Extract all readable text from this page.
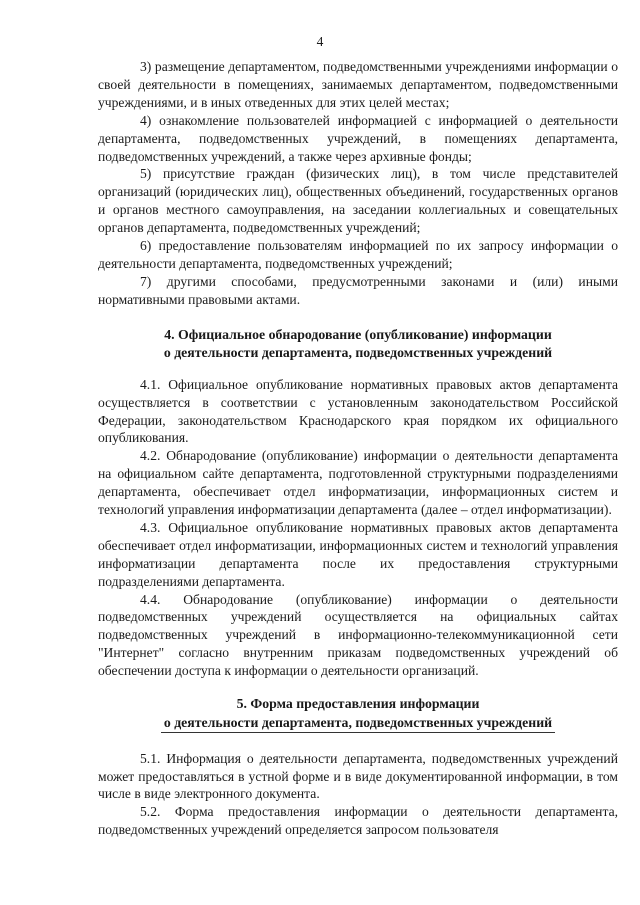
4

3) размещение департаментом, подведомственными учреждениями информации о своей деятельности в помещениях, занимаемых департаментом, подведомственными учреждениями, и в иных отведенных для этих целей местах;

4) ознакомление пользователей информацией с информацией о деятельности департамента, подведомственных учреждений, в помещениях департамента, подведомственных учреждений, а также через архивные фонды;

5) присутствие граждан (физических лиц), в том числе представителей организаций (юридических лиц), общественных объединений, государственных органов и органов местного самоуправления, на заседании коллегиальных и совещательных органов департамента, подведомственных учреждений;

6) предоставление пользователям информацией по их запросу информации о деятельности департамента, подведомственных учреждений;

7) другими способами, предусмотренными законами и (или) иными нормативными правовыми актами.

4. Официальное обнародование (опубликование) информации
о деятельности департамента, подведомственных учреждений

4.1. Официальное опубликование нормативных правовых актов департамента осуществляется в соответствии с установленным законодательством Российской Федерации, законодательством Краснодарского края порядком их официального опубликования.

4.2. Обнародование (опубликование) информации о деятельности департамента на официальном сайте департамента, подготовленной структурными подразделениями департамента, обеспечивает отдел информатизации, информационных систем и технологий управления информатизации департамента (далее – отдел информатизации).

4.3. Официальное опубликование нормативных правовых актов департамента обеспечивает отдел информатизации, информационных систем и технологий управления информатизации департамента после их предоставления структурными подразделениями департамента.

4.4. Обнародование (опубликование) информации о деятельности подведомственных учреждений осуществляется на официальных сайтах подведомственных учреждений в информационно-телекоммуникационной сети "Интернет" согласно внутренним приказам подведомственных учреждений об обеспечении доступа к информации о деятельности организаций.

5. Форма предоставления информации
о деятельности департамента, подведомственных учреждений

5.1. Информация о деятельности департамента, подведомственных учреждений может предоставляться в устной форме и в виде документированной информации, в том числе в виде электронного документа.

5.2. Форма предоставления информации о деятельности департамента, подведомственных учреждений определяется запросом пользователя
